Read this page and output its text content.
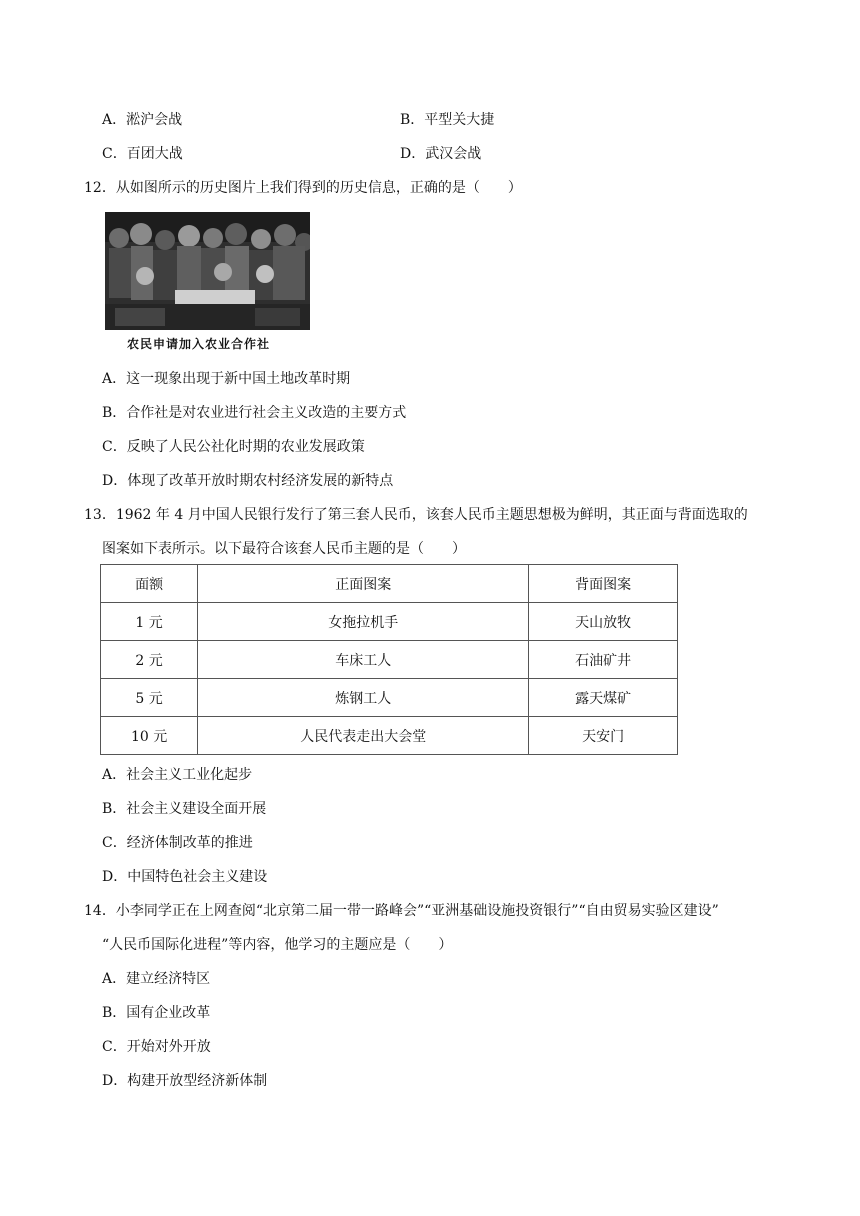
A．淞沪会战	B．平型关大捷
C．百团大战	D．武汉会战
12．从如图所示的历史图片上我们得到的历史信息，正确的是（　　）
农民申请加入农业合作社
A．这一现象出现于新中国土地改革时期
B．合作社是对农业进行社会主义改造的主要方式
C．反映了人民公社化时期的农业发展政策
D．体现了改革开放时期农村经济发展的新特点
13．1962 年 4 月中国人民银行发行了第三套人民币，该套人民币主题思想极为鲜明，其正面与背面选取的
图案如下表所示。以下最符合该套人民币主题的是（　　）
面额	正面图案	背面图案
1 元	女拖拉机手	天山放牧
2 元	车床工人	石油矿井
5 元	炼钢工人	露天煤矿
10 元	人民代表走出大会堂	天安门
A．社会主义工业化起步
B．社会主义建设全面开展
C．经济体制改革的推进
D．中国特色社会主义建设
14．小李同学正在上网查阅“北京第二届一带一路峰会”“亚洲基础设施投资银行”“自由贸易实验区建设”
“人民币国际化进程”等内容，他学习的主题应是（　　）
A．建立经济特区
B．国有企业改革
C．开始对外开放
D．构建开放型经济新体制
